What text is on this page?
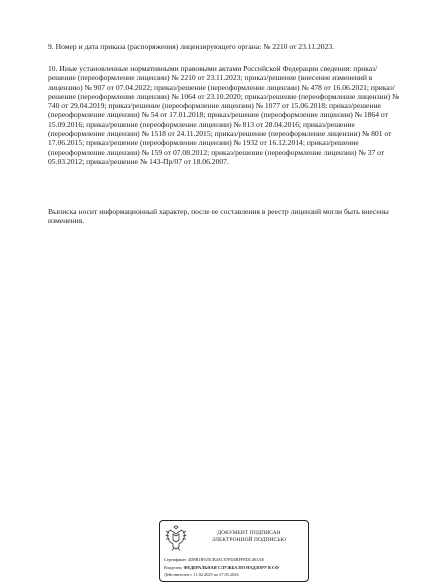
9. Номер и дата приказа (распоряжения) лицензирующего органа: № 2210 от 23.11.2023.

10. Иные установленные нормативными правовыми актами Российской Федерации сведения: приказ/решение (переоформление лицензии) № 2210 от 23.11.2023; приказ/решение (внесение изменений в лицензию) № 907 от 07.04.2022; приказ/решение (переоформление лицензии) № 478 от 16.06.2021; приказ/решение (переоформление лицензии) № 1064 от 23.10.2020; приказ/решение (переоформление лицензии) № 740 от 29.04.2019; приказ/решение (переоформление лицензии) № 1077 от 15.06.2018; приказ/решение (переоформление лицензии) № 54 от 17.01.2018; приказ/решение (переоформление лицензии) № 1864 от 15.09.2016; приказ/решение (переоформление лицензии) № 813 от 28.04.2016; приказ/решение (переоформление лицензии) № 1518 от 24.11.2015; приказ/решение (переоформление лицензии) № 801 от 17.06.2015; приказ/решение (переоформление лицензии) № 1932 от 16.12.2014; приказ/решение (переоформление лицензии) № 159 от 07.08.2012; приказ/решение (переоформление лицензии) № 37 от 05.03.2012; приказ/решение № 143-Пр/07 от 18.06.2007.

Выписка носит информационный характер, после ее составления в реестр лицензий могли быть внесены изменения.

ДОКУМЕНТ ПОДПИСАН
ЭЛЕКТРОННОЙ ПОДПИСЬЮ
Сертификат: 4D8B1B925CB4AC67FD4BFFEDC463AE
Владелец: ФЕДЕРАЛЬНАЯ СЛУЖБА ПО НАДЗОРУ В СФ
Действителен с 11.02.2025 по 07.05.2026
